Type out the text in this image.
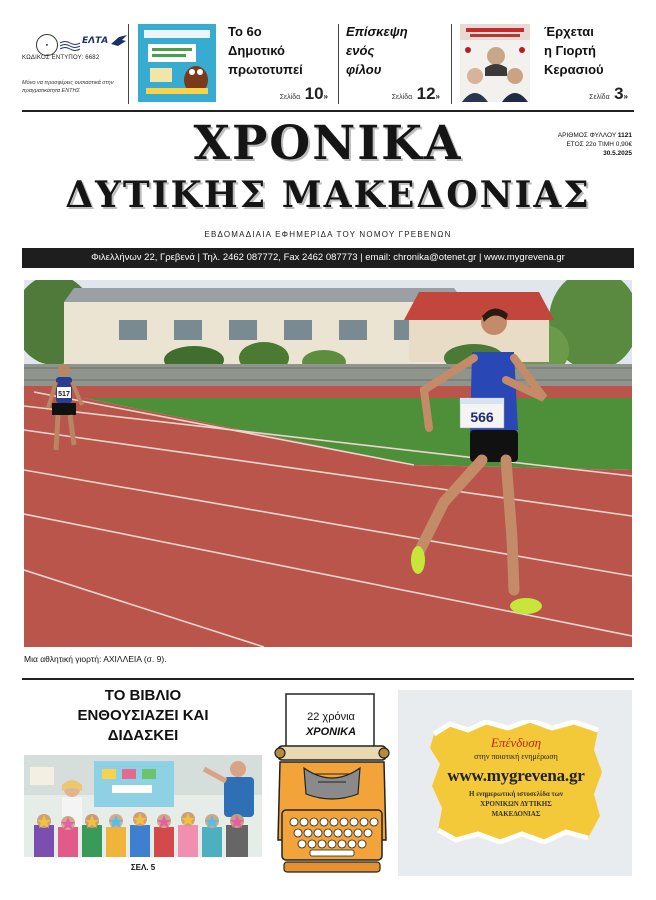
●	ΕΛΤΑ
ΚΩΔΙΚΟΣ ΕΝΤΥΠΟΥ: 6682
Μόνο να προσφέρεις ουσιαστικά στην πραγματικότητα ΕΝΤΗΣ
Το 6ο
Δημοτικό
πρωτοτυπεί
Σελίδα 10»
Επίσκεψη
ενός
φίλου
Σελίδα 12»
Έρχεται
η Γιορτή
Κερασιού
Σελίδα 3»
ΧΡΟΝΙΚΑ
ΔΥΤΙΚΗΣ ΜΑΚΕΔΟΝΙΑΣ
ΑΡΙΘΜΟΣ ΦΥΛΛΟΥ 1121
ΕΤΟΣ 22ο ΤΙΜΗ 0,90€
30.5.2025
ΕΒΔΟΜΑΔΙΑΙΑ ΕΦΗΜΕΡΙΔΑ ΤΟΥ ΝΟΜΟΥ ΓΡΕΒΕΝΩΝ
Φιλελλήνων 22, Γρεβενά | Τηλ. 2462 087772, Fax 2462 087773 | email: chronika@otenet.gr | www.mygrevena.gr
517
566
Μια αθλητική γιορτή: ΑΧΙΛΛΕΙΑ (σ. 9).
ΤΟ ΒΙΒΛΙΟ
ΕΝΘΟΥΣΙΑΖΕΙ ΚΑΙ
ΔΙΔΑΣΚΕΙ
ΣΕΛ. 5
22 χρόνια
ΧΡΟΝΙΚΑ
Επένδυση
στην ποιοτική ενημέρωση
www.mygrevena.gr
Η ενημερωτική ιστοσελίδα των
ΧΡΟΝΙΚΩΝ ΔΥΤΙΚΗΣ
ΜΑΚΕΔΟΝΙΑΣ
